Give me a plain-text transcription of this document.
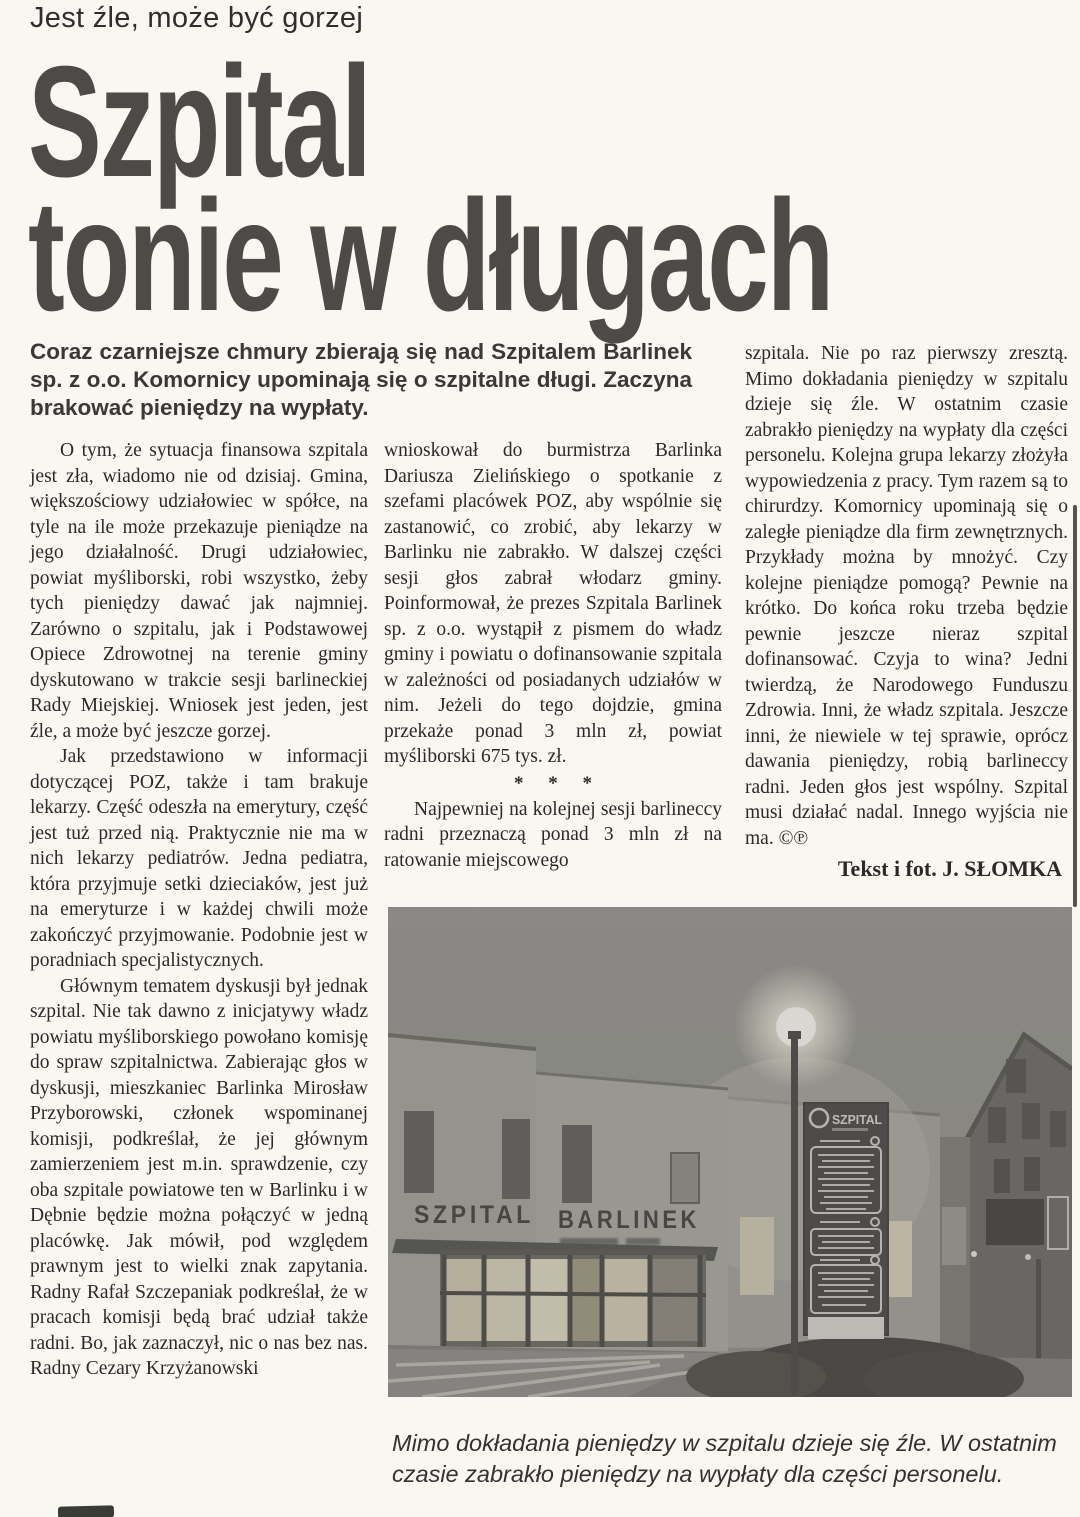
Jest źle, może być gorzej
Szpital
tonie w długach

Coraz czarniejsze chmury zbierają się nad Szpitalem Barlinek sp. z o.o. Komornicy upominają się o szpitalne długi. Zaczyna brakować pieniędzy na wypłaty.

O tym, że sytuacja finansowa szpitala jest zła, wiadomo nie od dzisiaj. Gmina, większościowy udziałowiec w spółce, na tyle na ile może przekazuje pieniądze na jego działalność. Drugi udziałowiec, powiat myśliborski, robi wszystko, żeby tych pieniędzy dawać jak najmniej. Zarówno o szpitalu, jak i Podstawowej Opiece Zdrowotnej na terenie gminy dyskutowano w trakcie sesji barlineckiej Rady Miejskiej. Wniosek jest jeden, jest źle, a może być jeszcze gorzej.

Jak przedstawiono w informacji dotyczącej POZ, także i tam brakuje lekarzy. Część odeszła na emerytury, część jest tuż przed nią. Praktycznie nie ma w nich lekarzy pediatrów. Jedna pediatra, która przyjmuje setki dzieciaków, jest już na emeryturze i w każdej chwili może zakończyć przyjmowanie. Podobnie jest w poradniach specjalistycznych.

Głównym tematem dyskusji był jednak szpital. Nie tak dawno z inicjatywy władz powiatu myśliborskiego powołano komisję do spraw szpitalnictwa. Zabierając głos w dyskusji, mieszkaniec Barlinka Mirosław Przyborowski, członek wspominanej komisji, podkreślał, że jej głównym zamierzeniem jest m.in. sprawdzenie, czy oba szpitale powiatowe ten w Barlinku i w Dębnie będzie można połączyć w jedną placówkę. Jak mówił, pod względem prawnym jest to wielki znak zapytania. Radny Rafał Szczepaniak podkreślał, że w pracach komisji będą brać udział także radni. Bo, jak zaznaczył, nic o nas bez nas. Radny Cezary Krzyżanowski

wnioskował do burmistrza Barlinka Dariusza Zielińskiego o spotkanie z szefami placówek POZ, aby wspólnie się zastanowić, co zrobić, aby lekarzy w Barlinku nie zabrakło. W dalszej części sesji głos zabrał włodarz gminy. Poinformował, że prezes Szpitala Barlinek sp. z o.o. wystąpił z pismem do władz gminy i powiatu o dofinansowanie szpitala w zależności od posiadanych udziałów w nim. Jeżeli do tego dojdzie, gmina przekaże ponad 3 mln zł, powiat myśliborski 675 tys. zł.

* * *

Najpewniej na kolejnej sesji barlineccy radni przeznaczą ponad 3 mln zł na ratowanie miejscowego

szpitala. Nie po raz pierwszy zresztą. Mimo dokładania pieniędzy w szpitalu dzieje się źle. W ostatnim czasie zabrakło pieniędzy na wypłaty dla części personelu. Kolejna grupa lekarzy złożyła wypowiedzenia z pracy. Tym razem są to chirurdzy. Komornicy upominają się o zaległe pieniądze dla firm zewnętrznych. Przykłady można by mnożyć. Czy kolejne pieniądze pomogą? Pewnie na krótko. Do końca roku trzeba będzie pewnie jeszcze nieraz szpital dofinansować. Czyja to wina? Jedni twierdzą, że Narodowego Funduszu Zdrowia. Inni, że władz szpitala. Jeszcze inni, że niewiele w tej sprawie, oprócz dawania pieniędzy, robią barlineccy radni. Jeden głos jest wspólny. Szpital musi działać nadal. Innego wyjścia nie ma. ©℗

Tekst i fot. J. SŁOMKA

SZPITAL BARLINEK
SZPITAL

Mimo dokładania pieniędzy w szpitalu dzieje się źle. W ostatnim czasie zabrakło pieniędzy na wypłaty dla części personelu.
